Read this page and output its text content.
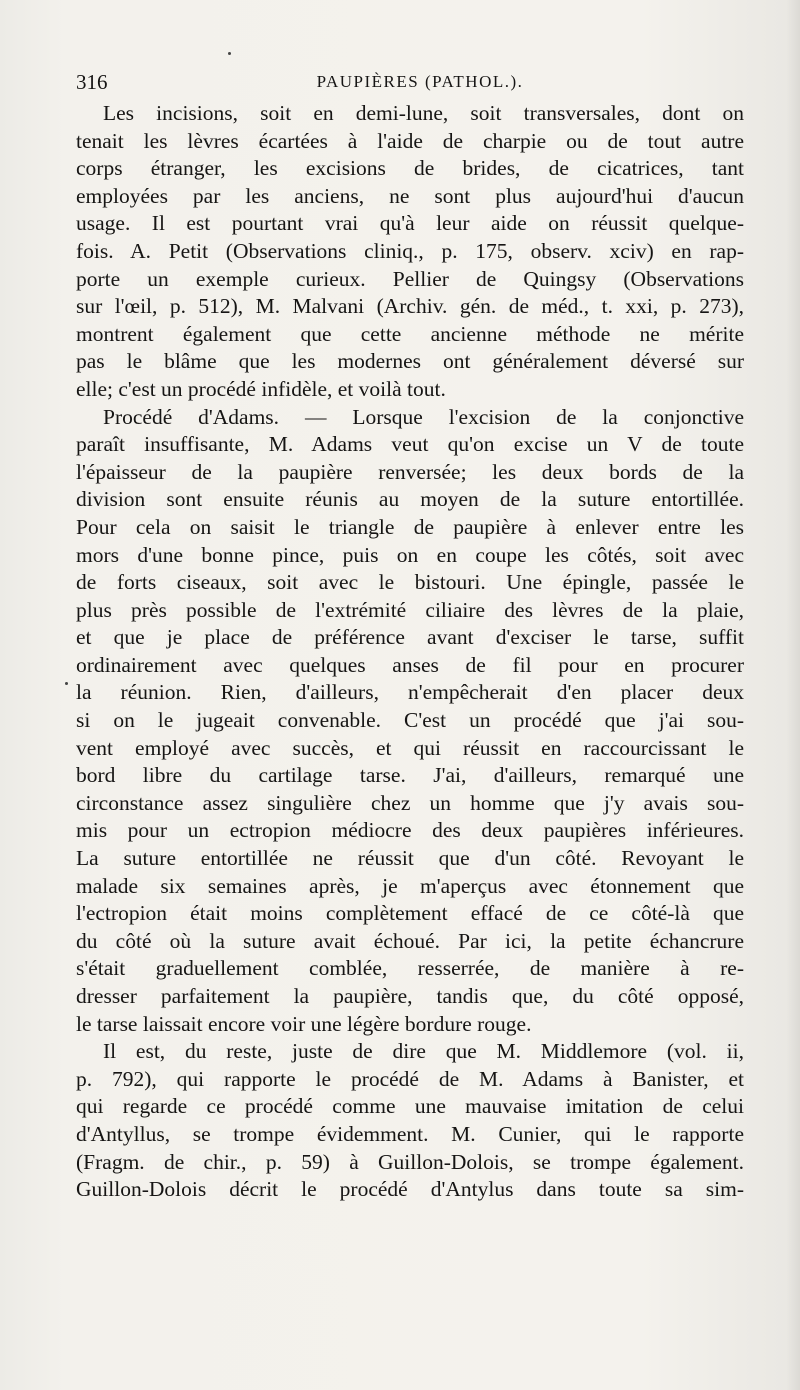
316	PAUPIÈRES (PATHOL.).
Les incisions, soit en demi-lune, soit transversales, dont on
tenait les lèvres écartées à l'aide de charpie ou de tout autre
corps étranger, les excisions de brides, de cicatrices, tant
employées par les anciens, ne sont plus aujourd'hui d'aucun
usage. Il est pourtant vrai qu'à leur aide on réussit quelque-
fois. A. Petit (Observations cliniq., p. 175, observ. xciv) en rap-
porte un exemple curieux. Pellier de Quingsy (Observations
sur l'œil, p. 512), M. Malvani (Archiv. gén. de méd., t. xxi, p. 273),
montrent également que cette ancienne méthode ne mérite
pas le blâme que les modernes ont généralement déversé sur
elle; c'est un procédé infidèle, et voilà tout.
Procédé d'Adams. — Lorsque l'excision de la conjonctive
paraît insuffisante, M. Adams veut qu'on excise un V de toute
l'épaisseur de la paupière renversée; les deux bords de la
division sont ensuite réunis au moyen de la suture entortillée.
Pour cela on saisit le triangle de paupière à enlever entre les
mors d'une bonne pince, puis on en coupe les côtés, soit avec
de forts ciseaux, soit avec le bistouri. Une épingle, passée le
plus près possible de l'extrémité ciliaire des lèvres de la plaie,
et que je place de préférence avant d'exciser le tarse, suffit
ordinairement avec quelques anses de fil pour en procurer
la réunion. Rien, d'ailleurs, n'empêcherait d'en placer deux
si on le jugeait convenable. C'est un procédé que j'ai sou-
vent employé avec succès, et qui réussit en raccourcissant le
bord libre du cartilage tarse. J'ai, d'ailleurs, remarqué une
circonstance assez singulière chez un homme que j'y avais sou-
mis pour un ectropion médiocre des deux paupières inférieures.
La suture entortillée ne réussit que d'un côté. Revoyant le
malade six semaines après, je m'aperçus avec étonnement que
l'ectropion était moins complètement effacé de ce côté-là que
du côté où la suture avait échoué. Par ici, la petite échancrure
s'était graduellement comblée, resserrée, de manière à re-
dresser parfaitement la paupière, tandis que, du côté opposé,
le tarse laissait encore voir une légère bordure rouge.
Il est, du reste, juste de dire que M. Middlemore (vol. ii,
p. 792), qui rapporte le procédé de M. Adams à Banister, et
qui regarde ce procédé comme une mauvaise imitation de celui
d'Antyllus, se trompe évidemment. M. Cunier, qui le rapporte
(Fragm. de chir., p. 59) à Guillon-Dolois, se trompe également.
Guillon-Dolois décrit le procédé d'Antylus dans toute sa sim-
